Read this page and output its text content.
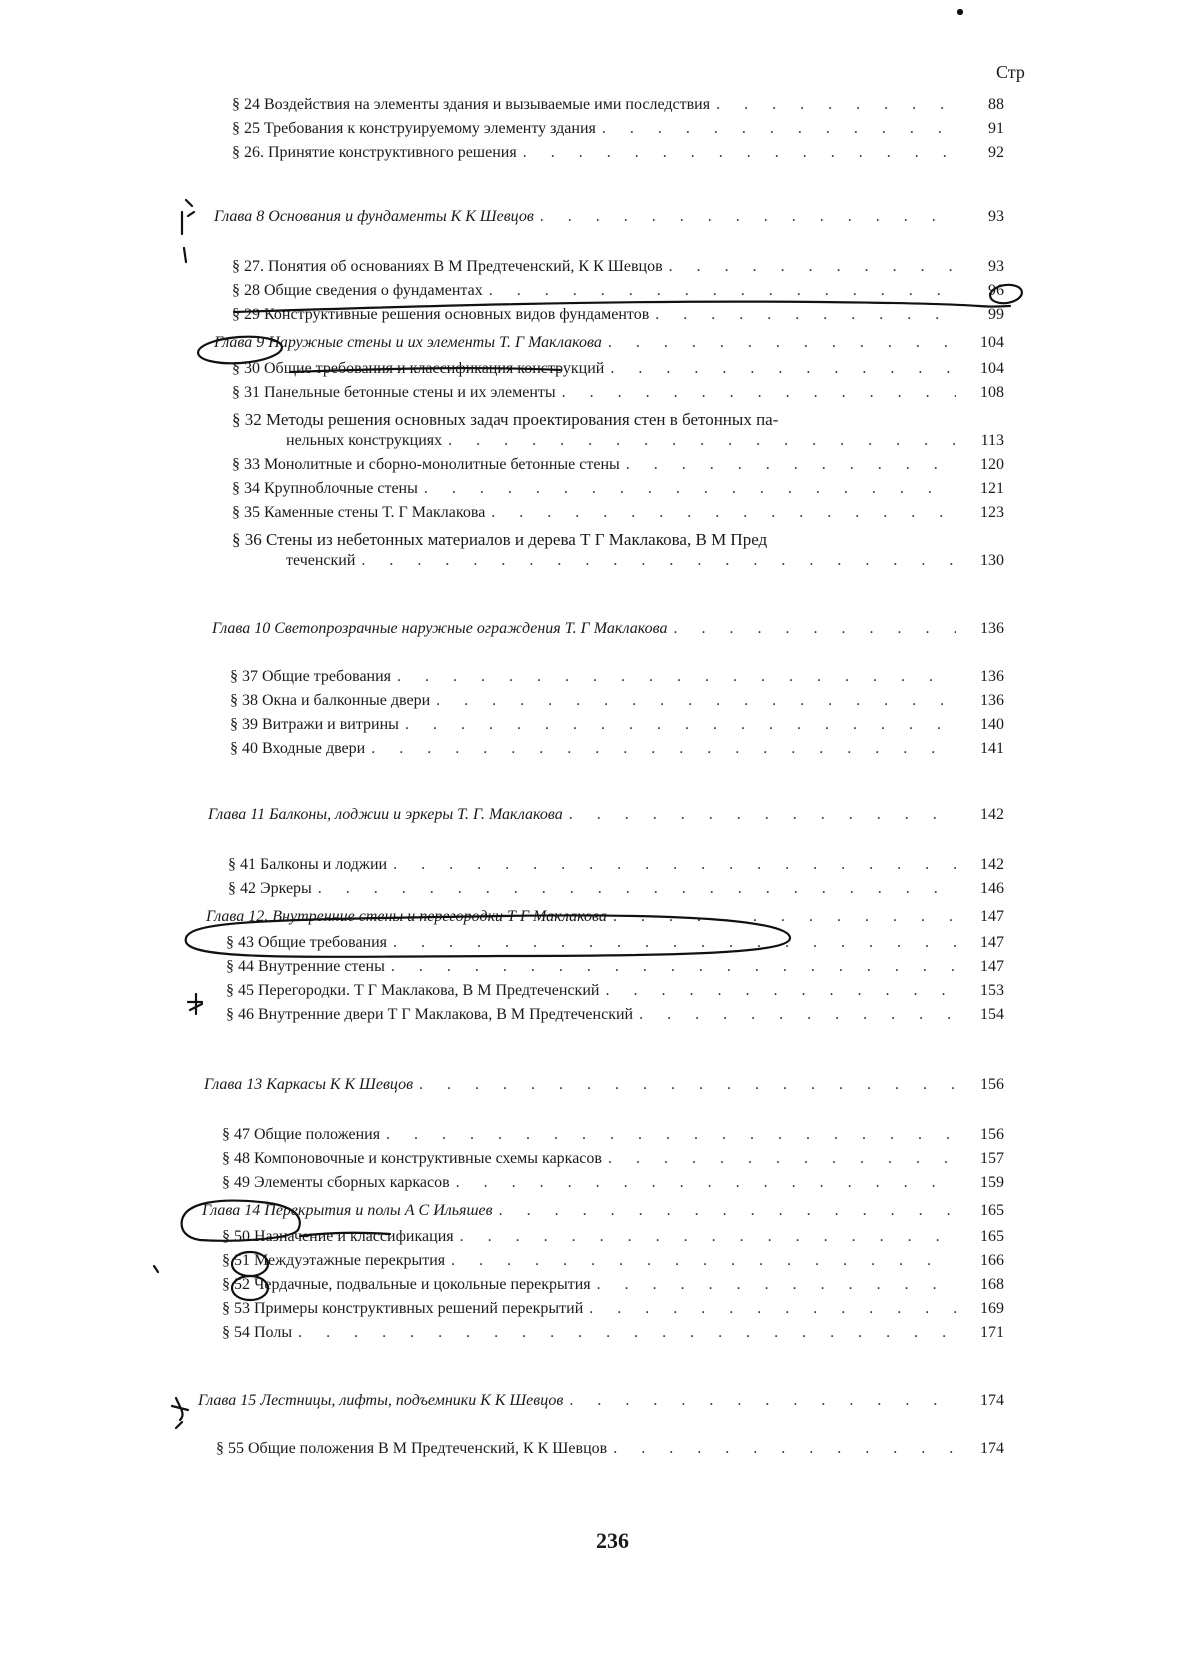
Стр
§ 24 Воздействия на элементы здания и вызываемые ими последствия . . .	88
§ 25 Требования к конструируемому элементу здания . . .	91
§ 26. Принятие конструктивного решения . . .	92
Глава 8 Основания и фундаменты К К Шевцов . . .	93
§ 27. Понятия об основаниях В М Предтеченский, К К Шевцов . . .	93
§ 28 Общие сведения о фундаментах . . .	96
§ 29 Конструктивные решения основных видов фундаментов . . .	99
Глава 9 Наружные стены и их элементы Т. Г Маклакова . . .	104
§ 30 Общие требования и классификация конструкций . . .	104
§ 31 Панельные бетонные стены и их элементы . . .	108
§ 32 Методы решения основных задач проектирования стен в бетонных па-
нельных конструкциях . . .	113
§ 33 Монолитные и сборно-монолитные бетонные стены . . .	120
§ 34 Крупноблочные стены . . .	121
§ 35 Каменные стены Т. Г Маклакова . . .	123
§ 36 Стены из небетонных материалов и дерева Т Г Маклакова, В М Пред
теченский . . .	130
Глава 10 Светопрозрачные наружные ограждения Т. Г Маклакова . . .	136
§ 37 Общие требования . . .	136
§ 38 Окна и балконные двери . . .	136
§ 39 Витражи и витрины . . .	140
§ 40 Входные двери . . .	141
Глава 11 Балконы, лоджии и эркеры Т. Г. Маклакова . . .	142
§ 41 Балконы и лоджии . . .	142
§ 42 Эркеры . . .	146
Глава 12. Внутренние стены и перегородки Т Г Маклакова . . .	147
§ 43 Общие требования . . .	147
§ 44 Внутренние стены . . .	147
§ 45 Перегородки. Т Г Маклакова, В М Предтеченский . . .	153
§ 46 Внутренние двери Т Г Маклакова, В М Предтеченский . . .	154
Глава 13 Каркасы К К Шевцов . . .	156
§ 47 Общие положения . . .	156
§ 48 Компоновочные и конструктивные схемы каркасов . . .	157
§ 49 Элементы сборных каркасов . . .	159
Глава 14 Перекрытия и полы А С Ильяшев . . .	165
§ 50 Назначение и классификация . . .	165
§ 51 Междуэтажные перекрытия . . .	166
§ 52 Чердачные, подвальные и цокольные перекрытия . . .	168
§ 53 Примеры конструктивных решений перекрытий . . .	169
§ 54 Полы . . .	171
Глава 15 Лестницы, лифты, подъемники К К Шевцов . . .	174
§ 55 Общие положения В М Предтеченский, К К Шевцов . . .	174
236
